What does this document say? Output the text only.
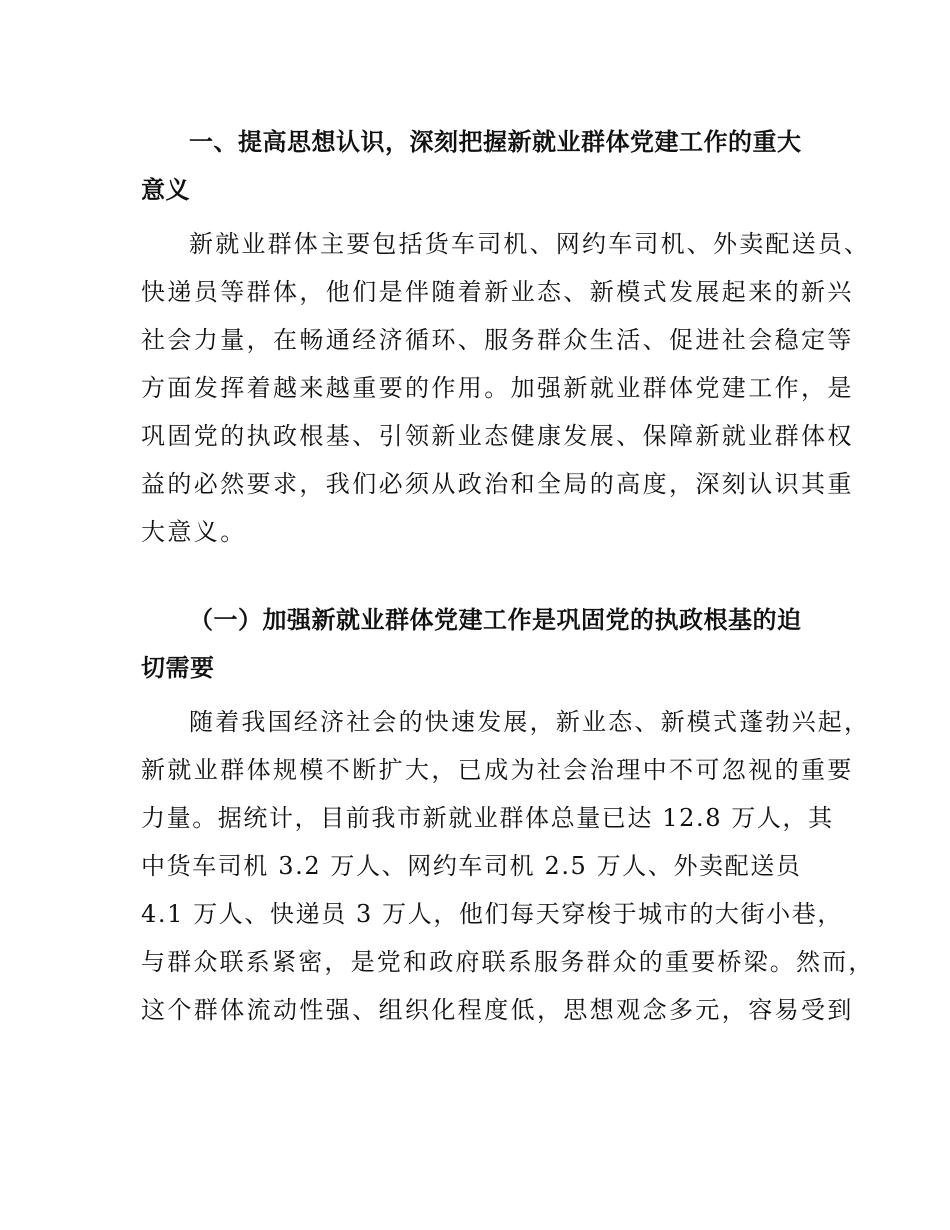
一、提高思想认识，深刻把握新就业群体党建工作的重大
意义
新就业群体主要包括货车司机、网约车司机、外卖配送员、
快递员等群体，他们是伴随着新业态、新模式发展起来的新兴
社会力量，在畅通经济循环、服务群众生活、促进社会稳定等
方面发挥着越来越重要的作用。加强新就业群体党建工作，是
巩固党的执政根基、引领新业态健康发展、保障新就业群体权
益的必然要求，我们必须从政治和全局的高度，深刻认识其重
大意义。
（一）加强新就业群体党建工作是巩固党的执政根基的迫
切需要
随着我国经济社会的快速发展，新业态、新模式蓬勃兴起，
新就业群体规模不断扩大，已成为社会治理中不可忽视的重要
力量。据统计，目前我市新就业群体总量已达 12.8 万人，其
中货车司机 3.2 万人、网约车司机 2.5 万人、外卖配送员
4.1 万人、快递员 3 万人，他们每天穿梭于城市的大街小巷，
与群众联系紧密，是党和政府联系服务群众的重要桥梁。然而，
这个群体流动性强、组织化程度低，思想观念多元，容易受到
